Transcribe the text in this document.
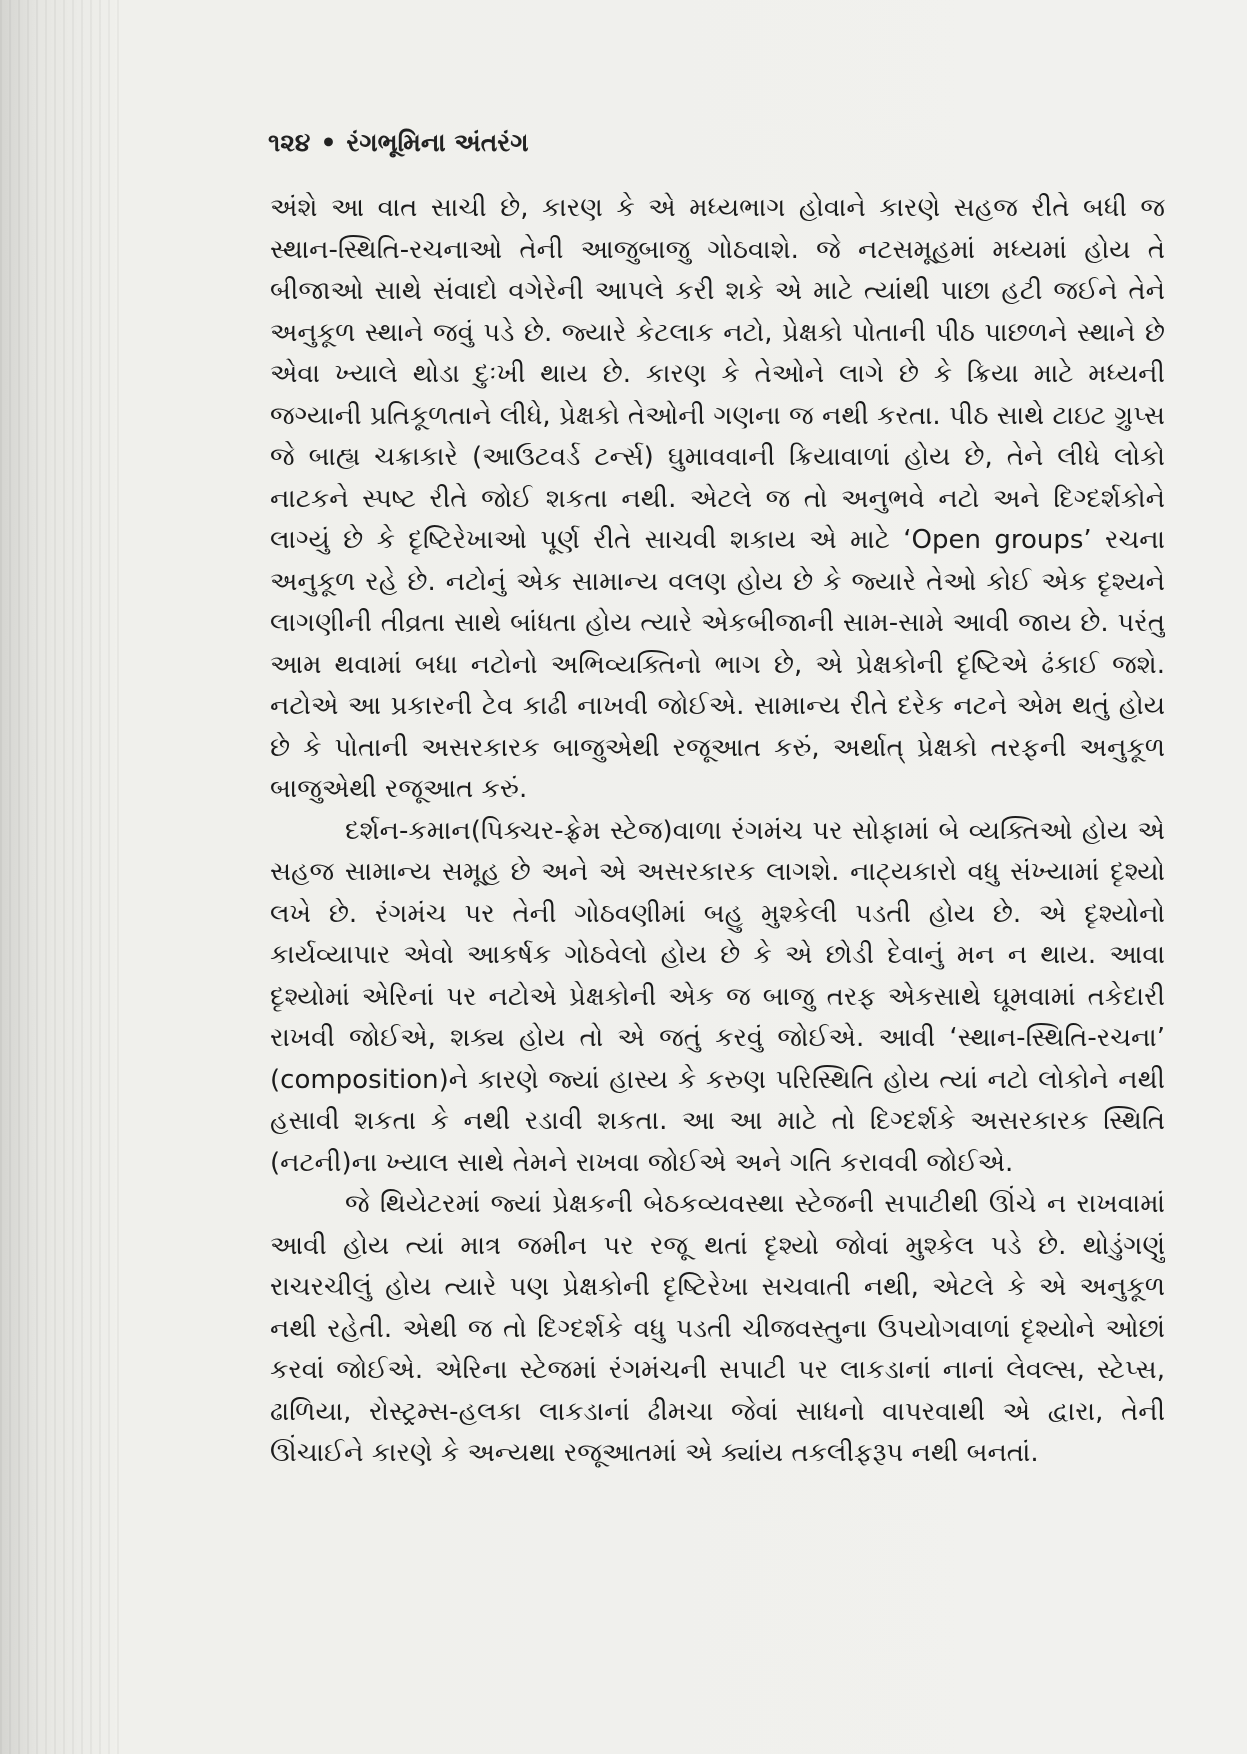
૧૨૪ • રંગભૂમિના અંતરંગ

અંશે આ વાત સાચી છે, કારણ કે એ મધ્યભાગ હોવાને કારણે સહજ રીતે બધી જ સ્થાન-સ્થિતિ-રચનાઓ તેની આજુબાજુ ગોઠવાશે. જે નટસમૂહમાં મધ્યમાં હોય તે બીજાઓ સાથે સંવાદો વગેરેની આપલે કરી શકે એ માટે ત્યાંથી પાછા હટી જઈને તેને અનુકૂળ સ્થાને જવું પડે છે. જ્યારે કેટલાક નટો, પ્રેક્ષકો પોતાની પીઠ પાછળને સ્થાને છે એવા ખ્યાલે થોડા દુઃખી થાય છે. કારણ કે તેઓને લાગે છે કે ક્રિયા માટે મધ્યની જગ્યાની પ્રતિકૂળતાને લીધે, પ્રેક્ષકો તેઓની ગણના જ નથી કરતા. પીઠ સાથે ટાઇટ ગ્રુપ્સ જે બાહ્ય ચક્રાકારે (આઉટવર્ડ ટર્ન્સ) ઘુમાવવાની ક્રિયાવાળાં હોય છે, તેને લીધે લોકો નાટકને સ્પષ્ટ રીતે જોઈ શકતા નથી. એટલે જ તો અનુભવે નટો અને દિગ્દર્શકોને લાગ્યું છે કે દૃષ્ટિરેખાઓ પૂર્ણ રીતે સાચવી શકાય એ માટે ‘Open groups’ રચના અનુકૂળ રહે છે. નટોનું એક સામાન્ય વલણ હોય છે કે જ્યારે તેઓ કોઈ એક દૃશ્યને લાગણીની તીવ્રતા સાથે બાંધતા હોય ત્યારે એકબીજાની સામ-સામે આવી જાય છે. પરંતુ આમ થવામાં બધા નટોનો અભિવ્યક્તિનો ભાગ છે, એ પ્રેક્ષકોની દૃષ્ટિએ ઢંકાઈ જશે. નટોએ આ પ્રકારની ટેવ કાઢી નાખવી જોઈએ. સામાન્ય રીતે દરેક નટને એમ થતું હોય છે કે પોતાની અસરકારક બાજુએથી રજૂઆત કરું, અર્થાત્ પ્રેક્ષકો તરફની અનુકૂળ બાજુએથી રજૂઆત કરું.

દર્શન-કમાન(પિક્ચર-ફ્રેમ સ્ટેજ)વાળા રંગમંચ પર સોફામાં બે વ્યક્તિઓ હોય એ સહજ સામાન્ય સમૂહ છે અને એ અસરકારક લાગશે. નાટ્યકારો વધુ સંખ્યામાં દૃશ્યો લખે છે. રંગમંચ પર તેની ગોઠવણીમાં બહુ મુશ્કેલી પડતી હોય છે. એ દૃશ્યોનો કાર્યવ્યાપાર એવો આકર્ષક ગોઠવેલો હોય છે કે એ છોડી દેવાનું મન ન થાય. આવા દૃશ્યોમાં એરિનાં પર નટોએ પ્રેક્ષકોની એક જ બાજુ તરફ એકસાથે ઘૂમવામાં તકેદારી રાખવી જોઈએ, શક્ય હોય તો એ જતું કરવું જોઈએ. આવી ‘સ્થાન-સ્થિતિ-રચના’ (composition)ને કારણે જ્યાં હાસ્ય કે કરુણ પરિસ્થિતિ હોય ત્યાં નટો લોકોને નથી હસાવી શકતા કે નથી રડાવી શકતા. આ આ માટે તો દિગ્દર્શકે અસરકારક સ્થિતિ (નટની)ના ખ્યાલ સાથે તેમને રાખવા જોઈએ અને ગતિ કરાવવી જોઈએ.

જે થિયેટરમાં જ્યાં પ્રેક્ષકની બેઠકવ્યવસ્થા સ્ટેજની સપાટીથી ઊંચે ન રાખવામાં આવી હોય ત્યાં માત્ર જમીન પર રજૂ થતાં દૃશ્યો જોવાં મુશ્કેલ પડે છે. થોડુંગણું રાચરચીલું હોય ત્યારે પણ પ્રેક્ષકોની દૃષ્ટિરેખા સચવાતી નથી, એટલે કે એ અનુકૂળ નથી રહેતી. એથી જ તો દિગ્દર્શકે વધુ પડતી ચીજવસ્તુના ઉપયોગવાળાં દૃશ્યોને ઓછાં કરવાં જોઈએ. એરિના સ્ટેજમાં રંગમંચની સપાટી પર લાકડાનાં નાનાં લેવલ્સ, સ્ટેપ્સ, ઢાળિયા, રોસ્ટ્રમ્સ-હલકા લાકડાનાં ઢીમચા જેવાં સાધનો વાપરવાથી એ દ્વારા, તેની ઊંચાઈને કારણે કે અન્યથા રજૂઆતમાં એ ક્યાંય તકલીફરૂપ નથી બનતાં.
